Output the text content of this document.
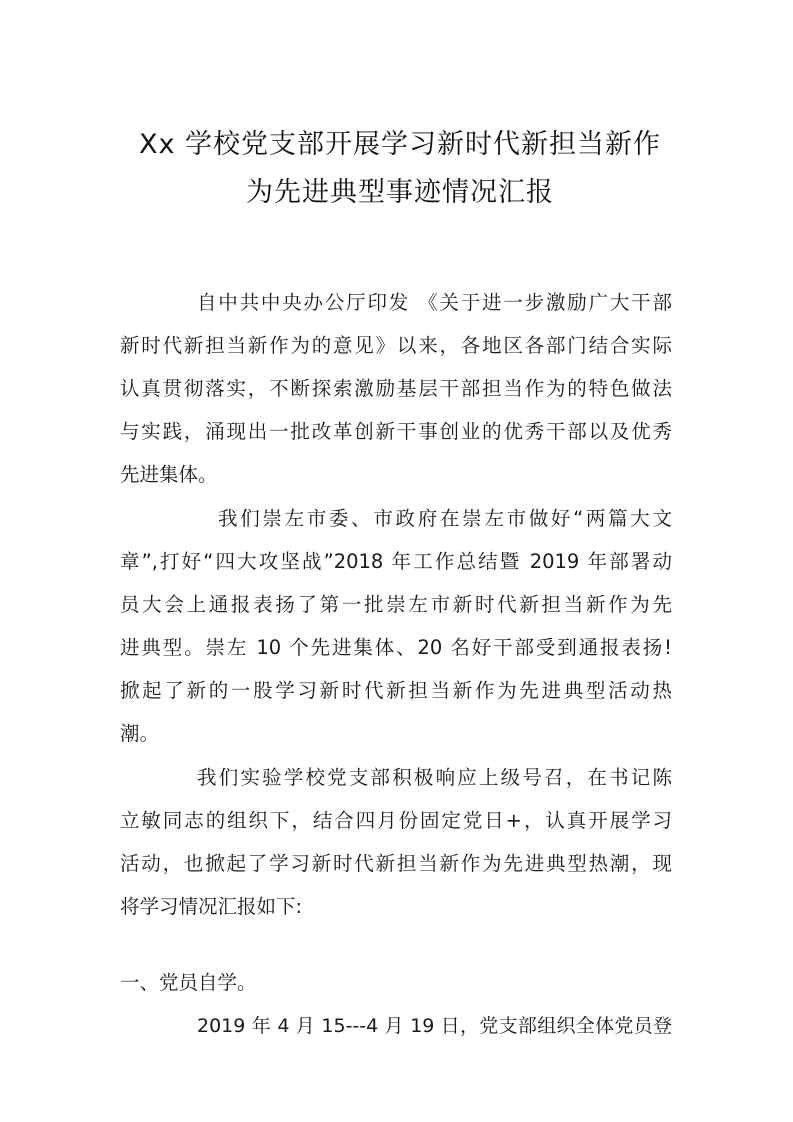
Xx 学校党支部开展学习新时代新担当新作
为先进典型事迹情况汇报
自中共中央办公厅印发 《关于进一步激励广大干部
新时代新担当新作为的意见》以来，各地区各部门结合实际
认真贯彻落实，不断探索激励基层干部担当作为的特色做法
与实践，涌现出一批改革创新干事创业的优秀干部以及优秀
先进集体。
我们崇左市委、市政府在崇左市做好“两篇大文
章”,打好“四大攻坚战”2018 年工作总结暨 2019 年部署动
员大会上通报表扬了第一批崇左市新时代新担当新作为先
进典型。崇左 10 个先进集体、20 名好干部受到通报表扬!
掀起了新的一股学习新时代新担当新作为先进典型活动热
潮。
我们实验学校党支部积极响应上级号召，在书记陈
立敏同志的组织下，结合四月份固定党日+，认真开展学习
活动，也掀起了学习新时代新担当新作为先进典型热潮，现
将学习情况汇报如下:
一、党员自学。
2019 年 4 月 15---4 月 19 日，党支部组织全体党员登
